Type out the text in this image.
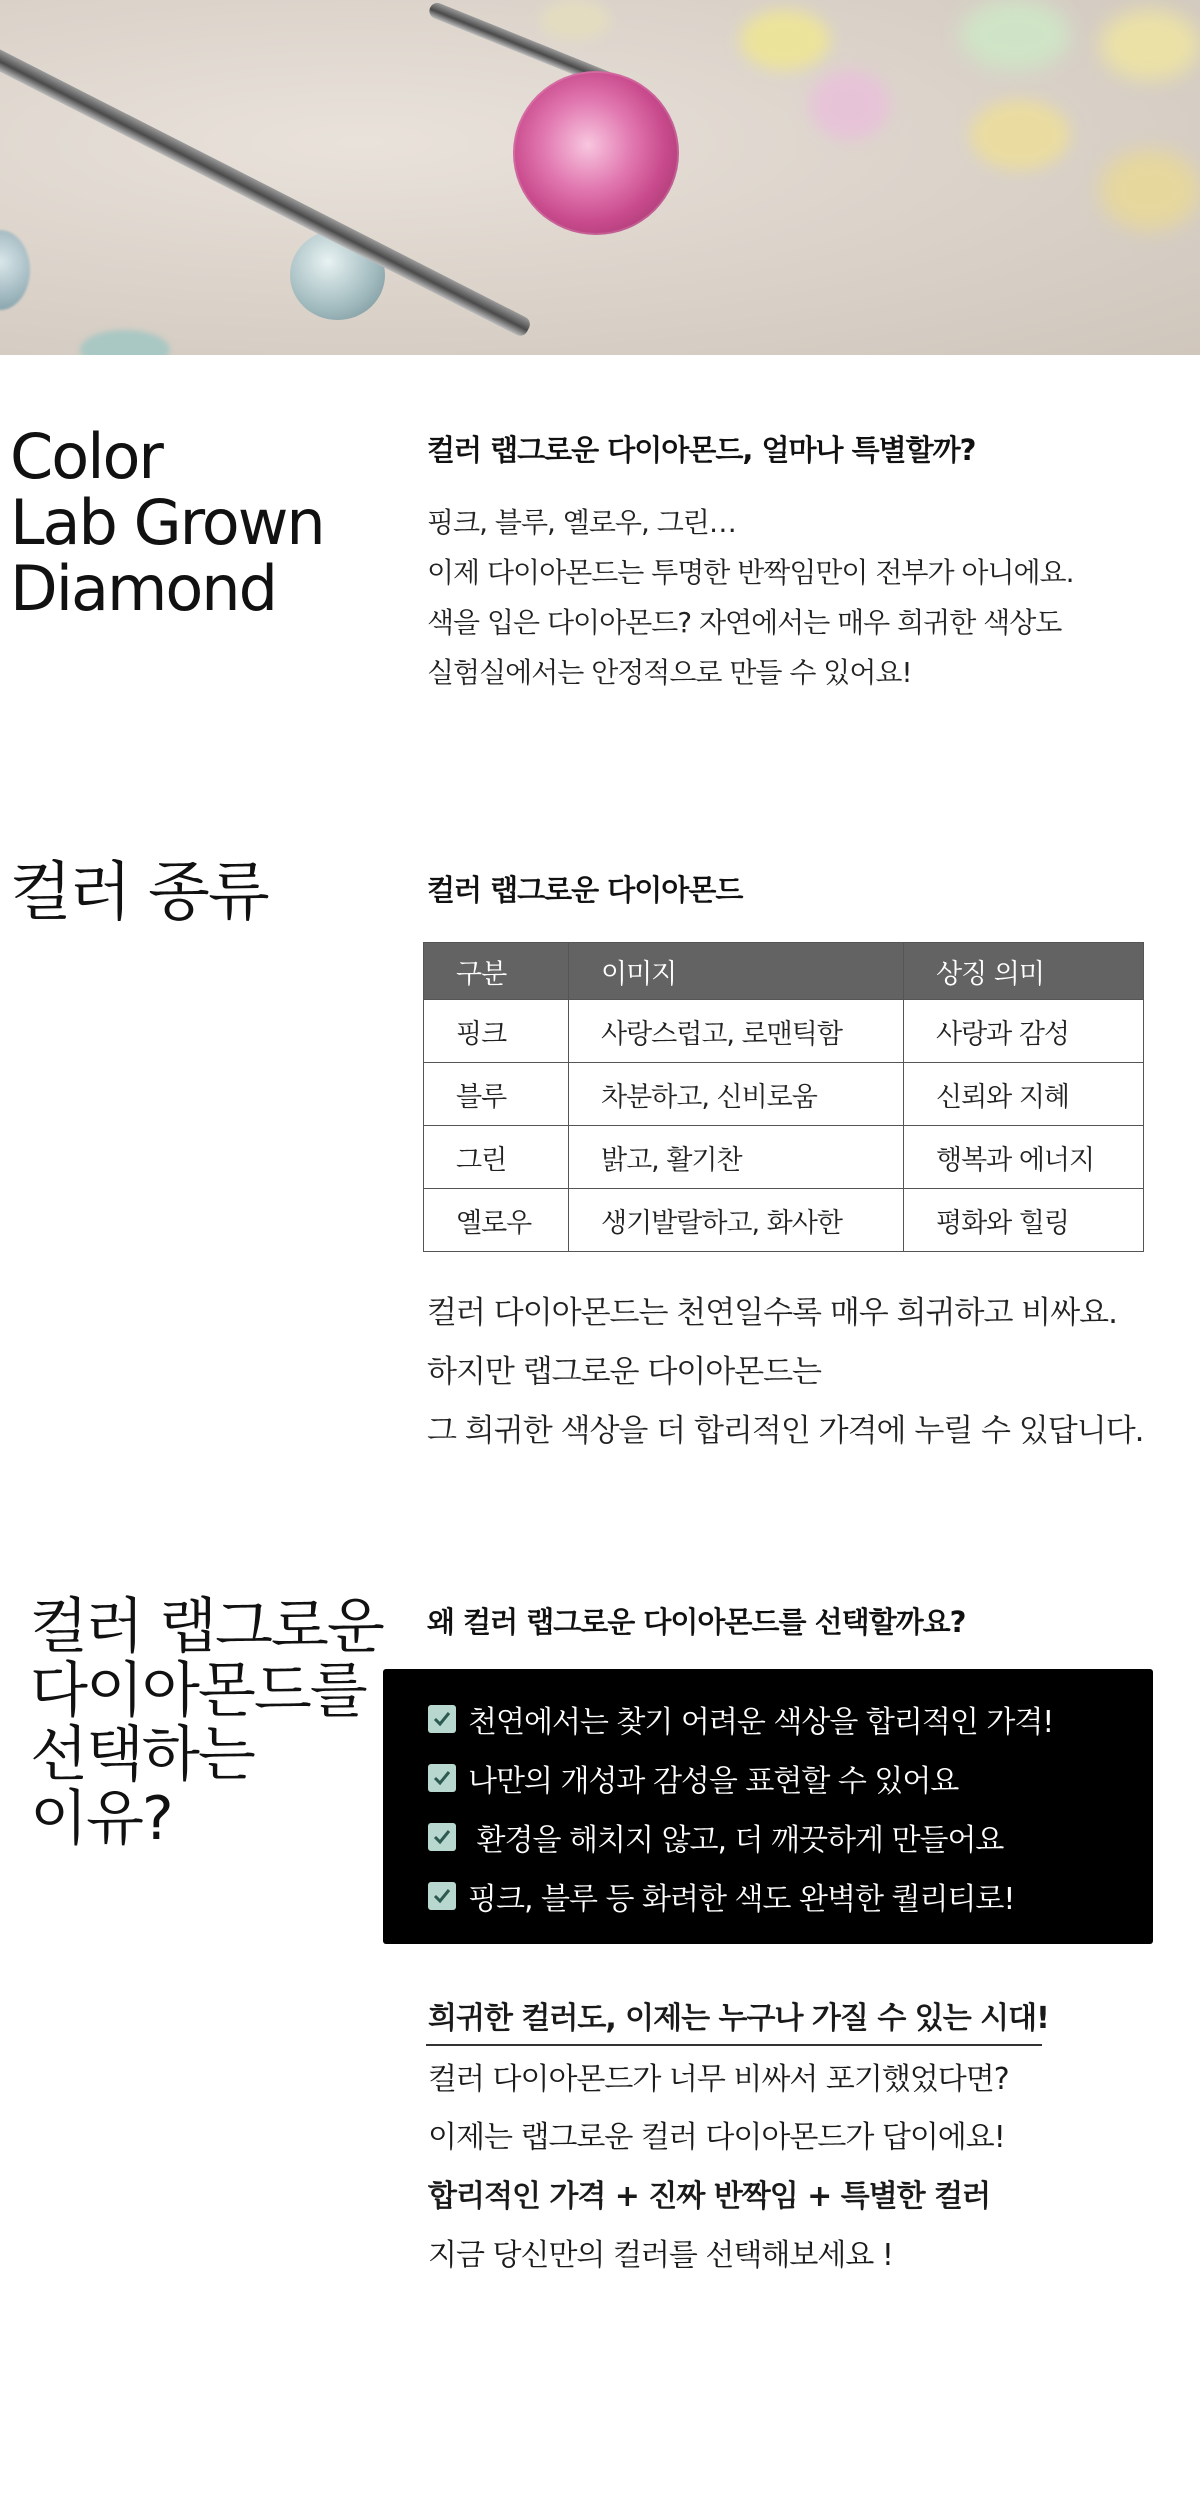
Color
Lab Grown
Diamond
컬러 랩그로운 다이아몬드, 얼마나 특별할까?
핑크, 블루, 옐로우, 그린…
이제 다이아몬드는 투명한 반짝임만이 전부가 아니에요.
색을 입은 다이아몬드? 자연에서는 매우 희귀한 색상도
실험실에서는 안정적으로 만들 수 있어요!
컬러 종류	컬러 랩그로운 다이아몬드
구분	이미지	상징 의미
핑크	사랑스럽고, 로맨틱함	사랑과 감성
블루	차분하고, 신비로움	신뢰와 지혜
그린	밝고, 활기찬	행복과 에너지
옐로우	생기발랄하고, 화사한	평화와 힐링
컬러 다이아몬드는 천연일수록 매우 희귀하고 비싸요.
하지만 랩그로운 다이아몬드는
그 희귀한 색상을 더 합리적인 가격에 누릴 수 있답니다.
컬러 랩그로운
다이아몬드를
선택하는
이유?
왜 컬러 랩그로운 다이아몬드를 선택할까요?
천연에서는 찾기 어려운 색상을 합리적인 가격!
나만의 개성과 감성을 표현할 수 있어요
환경을 해치지 않고, 더 깨끗하게 만들어요
핑크, 블루 등 화려한 색도 완벽한 퀄리티로!
희귀한 컬러도, 이제는 누구나 가질 수 있는 시대!
컬러 다이아몬드가 너무 비싸서 포기했었다면?
이제는 랩그로운 컬러 다이아몬드가 답이에요!
합리적인 가격 + 진짜 반짝임 + 특별한 컬러
지금 당신만의 컬러를 선택해보세요 !
